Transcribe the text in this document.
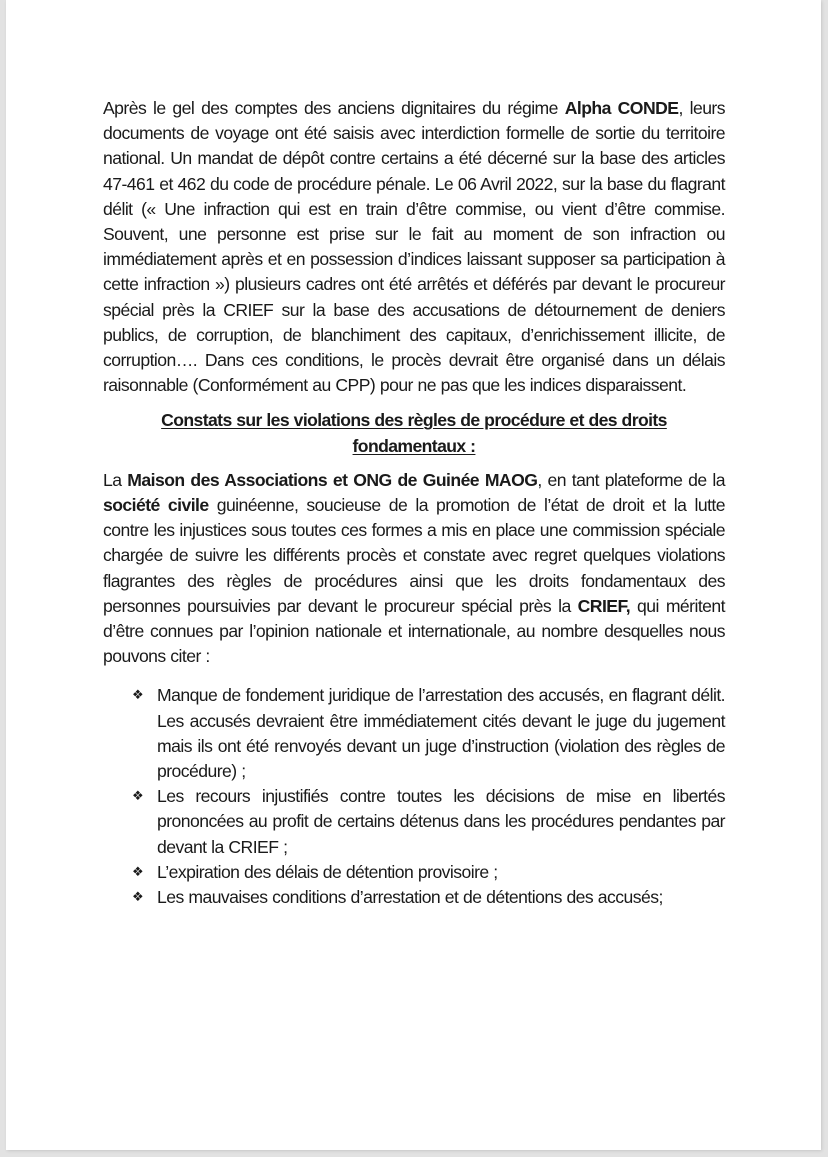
Après le gel des comptes des anciens dignitaires du régime Alpha CONDE, leurs documents de voyage ont été saisis avec interdiction formelle de sortie du territoire national. Un mandat de dépôt contre certains a été décerné sur la base des articles 47-461 et 462 du code de procédure pénale. Le 06 Avril 2022, sur la base du flagrant délit (« Une infraction qui est en train d’être commise, ou vient d’être commise. Souvent, une personne est prise sur le fait au moment de son infraction ou immédiatement après et en possession d’indices laissant supposer sa participation à cette infraction ») plusieurs cadres ont été arrêtés et déférés par devant le procureur spécial près la CRIEF sur la base des accusations de détournement de deniers publics, de corruption, de blanchiment des capitaux, d’enrichissement illicite, de corruption…. Dans ces conditions, le procès devrait être organisé dans un délais raisonnable (Conformément au CPP) pour ne pas que les indices disparaissent.

Constats sur les violations des règles de procédure et des droits fondamentaux :

La Maison des Associations et ONG de Guinée MAOG, en tant plateforme de la société civile guinéenne, soucieuse de la promotion de l’état de droit et la lutte contre les injustices sous toutes ces formes a mis en place une commission spéciale chargée de suivre les différents procès et constate avec regret quelques violations flagrantes des règles de procédures ainsi que les droits fondamentaux des personnes poursuivies par devant le procureur spécial près la CRIEF, qui méritent d’être connues par l’opinion nationale et internationale, au nombre desquelles nous pouvons citer :

❖ Manque de fondement juridique de l’arrestation des accusés, en flagrant délit. Les accusés devraient être immédiatement cités devant le juge du jugement mais ils ont été renvoyés devant un juge d’instruction (violation des règles de procédure) ;
❖ Les recours injustifiés contre toutes les décisions de mise en libertés prononcées au profit de certains détenus dans les procédures pendantes par devant la CRIEF ;
❖ L’expiration des délais de détention provisoire ;
❖ Les mauvaises conditions d’arrestation et de détentions des accusés;
